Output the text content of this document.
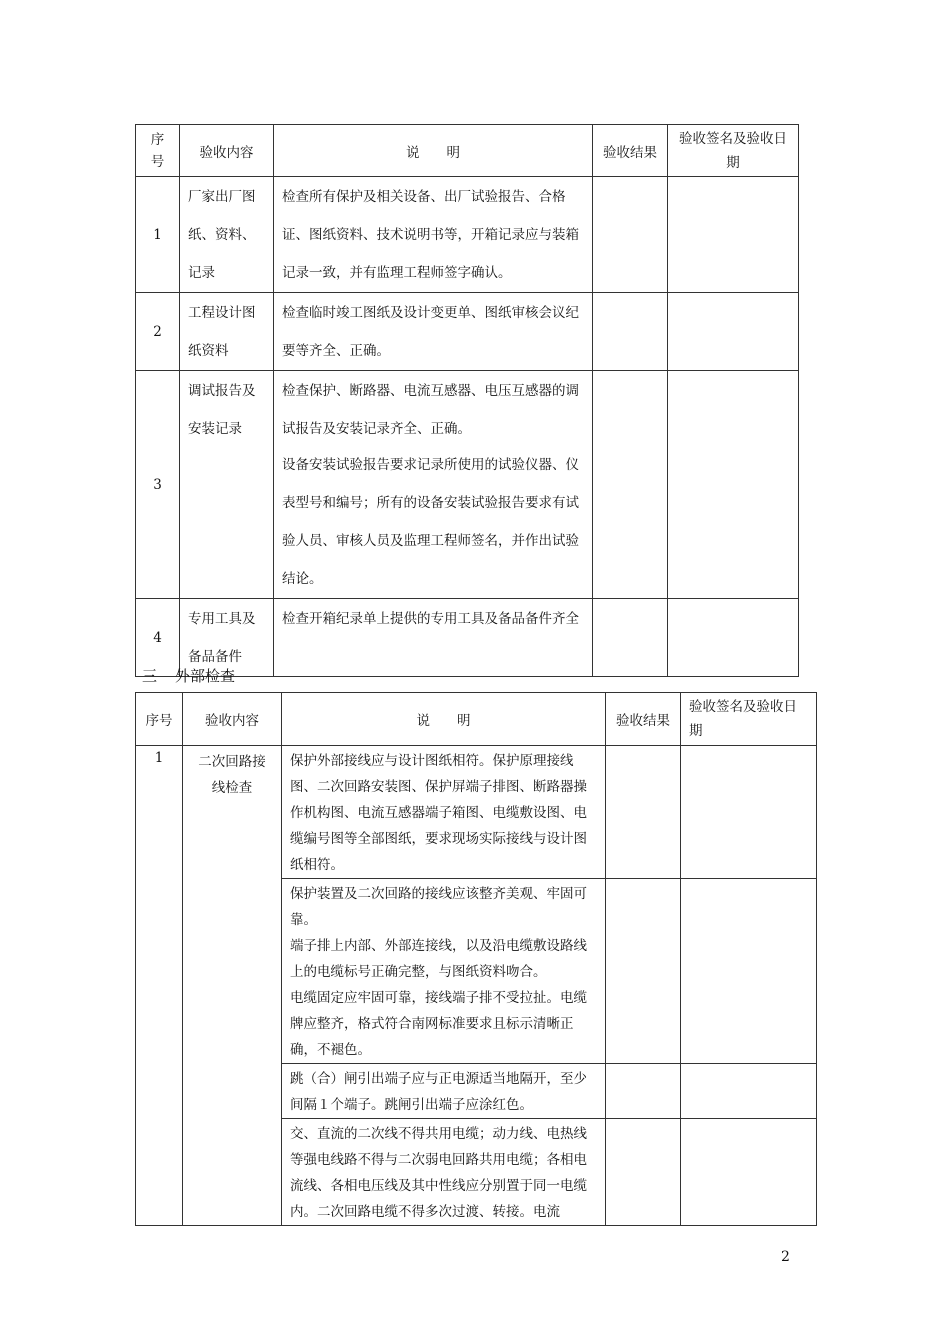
序号	验收内容	说　　明	验收结果	验收签名及验收日期

1	厂家出厂图纸、资料、记录	检查所有保护及相关设备、出厂试验报告、合格证、图纸资料、技术说明书等，开箱记录应与装箱记录一致，并有监理工程师签字确认。		
2	工程设计图纸资料	检查临时竣工图纸及设计变更单、图纸审核会议纪要等齐全、正确。		
3	调试报告及安装记录	检查保护、断路器、电流互感器、电压互感器的调试报告及安装记录齐全、正确。
设备安装试验报告要求记录所使用的试验仪器、仪表型号和编号；所有的设备安装试验报告要求有试验人员、审核人员及监理工程师签名，并作出试验结论。		

4	专用工具及备品备件	检查开箱纪录单上提供的专用工具及备品备件齐全		
三 外部检查
序号	验收内容	说　　明	验收结果	验收签名及验收日期

1	二次回路接线检查	保护外部接线应与设计图纸相符。保护原理接线图、二次回路安装图、保护屏端子排图、断路器操作机构图、电流互感器端子箱图、电缆敷设图、电缆编号图等全部图纸，要求现场实际接线与设计图纸相符。		

		保护装置及二次回路的接线应该整齐美观、牢固可靠。
端子排上内部、外部连接线，以及沿电缆敷设路线上的电缆标号正确完整，与图纸资料吻合。
电缆固定应牢固可靠，接线端子排不受拉扯。电缆牌应整齐，格式符合南网标准要求且标示清晰正确，不褪色。		

		跳（合）闸引出端子应与正电源适当地隔开，至少间隔１个端子。跳闸引出端子应涂红色。		
		交、直流的二次线不得共用电缆；动力线、电热线等强电线路不得与二次弱电回路共用电缆；各相电流线、各相电压线及其中性线应分别置于同一电缆内。二次回路电缆不得多次过渡、转接。电流		
2
